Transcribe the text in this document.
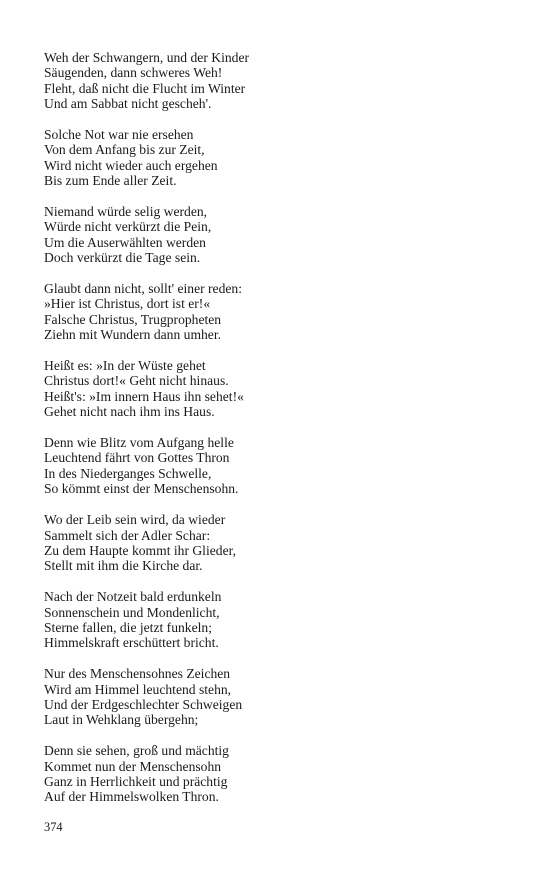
Weh der Schwangern, und der Kinder
Säugenden, dann schweres Weh!
Fleht, daß nicht die Flucht im Winter
Und am Sabbat nicht gescheh'.
Solche Not war nie ersehen
Von dem Anfang bis zur Zeit,
Wird nicht wieder auch ergehen
Bis zum Ende aller Zeit.
Niemand würde selig werden,
Würde nicht verkürzt die Pein,
Um die Auserwählten werden
Doch verkürzt die Tage sein.
Glaubt dann nicht, sollt' einer reden:
»Hier ist Christus, dort ist er!«
Falsche Christus, Trugpropheten
Ziehn mit Wundern dann umher.
Heißt es: »In der Wüste gehet
Christus dort!« Geht nicht hinaus.
Heißt's: »Im innern Haus ihn sehet!«
Gehet nicht nach ihm ins Haus.
Denn wie Blitz vom Aufgang helle
Leuchtend fährt von Gottes Thron
In des Niederganges Schwelle,
So kömmt einst der Menschensohn.
Wo der Leib sein wird, da wieder
Sammelt sich der Adler Schar:
Zu dem Haupte kommt ihr Glieder,
Stellt mit ihm die Kirche dar.
Nach der Notzeit bald erdunkeln
Sonnenschein und Mondenlicht,
Sterne fallen, die jetzt funkeln;
Himmelskraft erschüttert bricht.
Nur des Menschensohnes Zeichen
Wird am Himmel leuchtend stehn,
Und der Erdgeschlechter Schweigen
Laut in Wehklang übergehn;
Denn sie sehen, groß und mächtig
Kommet nun der Menschensohn
Ganz in Herrlichkeit und prächtig
Auf der Himmelswolken Thron.
374
